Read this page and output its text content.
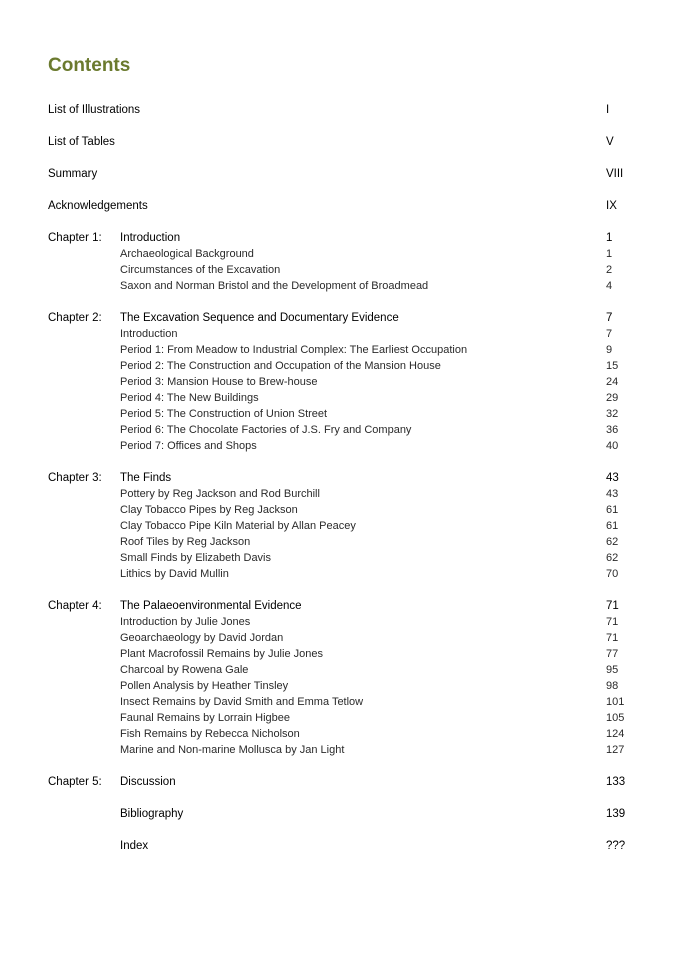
Contents
List of Illustrations	I
List of Tables	V
Summary	VIII
Acknowledgements	IX
Chapter 1: Introduction	1
Archaeological Background	1
Circumstances of the Excavation	2
Saxon and Norman Bristol and the Development of Broadmead	4
Chapter 2: The Excavation Sequence and Documentary Evidence	7
Introduction	7
Period 1: From Meadow to Industrial Complex: The Earliest Occupation	9
Period 2: The Construction and Occupation of the Mansion House	15
Period 3: Mansion House to Brew-house	24
Period 4: The New Buildings	29
Period 5: The Construction of Union Street	32
Period 6: The Chocolate Factories of J.S. Fry and Company	36
Period 7: Offices and Shops	40
Chapter 3: The Finds	43
Pottery by Reg Jackson and Rod Burchill	43
Clay Tobacco Pipes by Reg Jackson	61
Clay Tobacco Pipe Kiln Material by Allan Peacey	61
Roof Tiles by Reg Jackson	62
Small Finds by Elizabeth Davis	62
Lithics by David Mullin	70
Chapter 4: The Palaeoenvironmental Evidence	71
Introduction by Julie Jones	71
Geoarchaeology by David Jordan	71
Plant Macrofossil Remains by Julie Jones	77
Charcoal by Rowena Gale	95
Pollen Analysis by Heather Tinsley	98
Insect Remains by David Smith and Emma Tetlow	101
Faunal Remains by Lorrain Higbee	105
Fish Remains by Rebecca Nicholson	124
Marine and Non-marine Mollusca by Jan Light	127
Chapter 5: Discussion	133
Bibliography	139
Index	???
